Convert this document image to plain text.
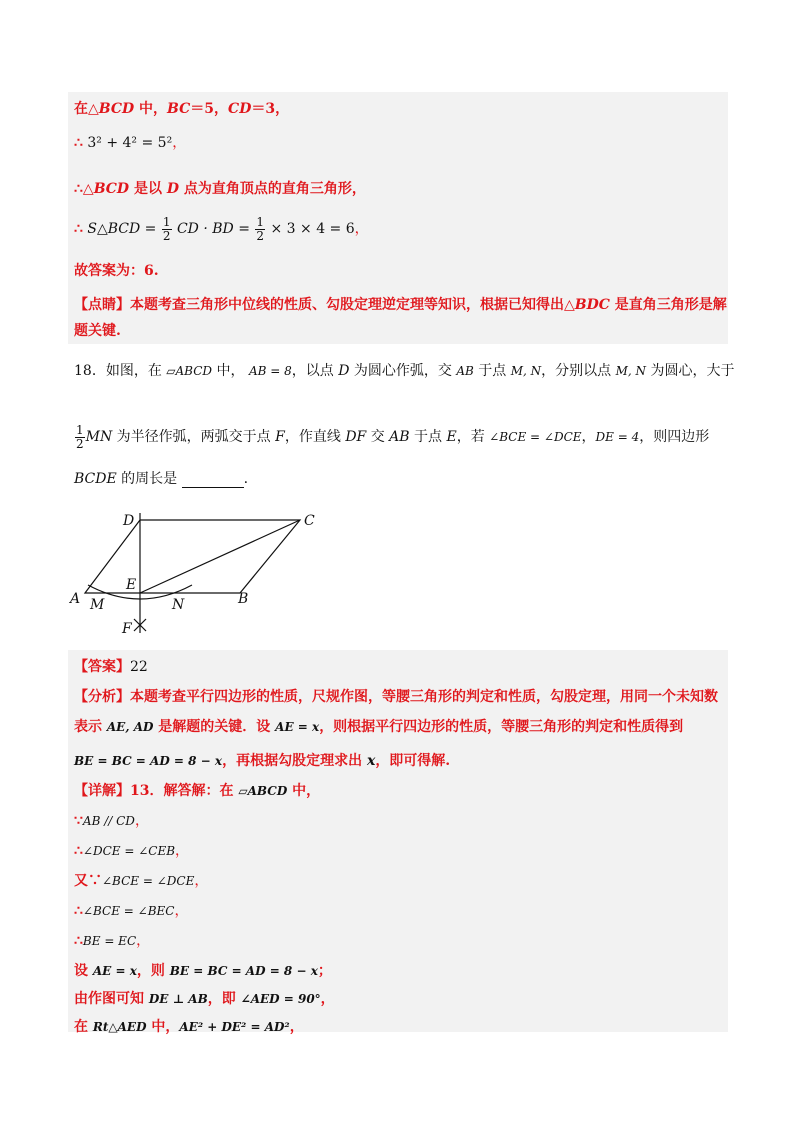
在△BCD 中，BC＝5，CD＝3，
∴ 3² + 4² = 5²，
∴△BCD 是以 D 点为直角顶点的直角三角形，
∴ S△BCD = $\frac{1}{2}$ CD · BD = $\frac{1}{2} \times 3 \times 4 = 6$，
故答案为：6.
【点睛】本题考查三角形中位线的性质、勾股定理逆定理等知识，根据已知得出△BDC 是直角三角形是解
题关键.
18．如图，在 ▱ABCD 中， AB = 8，以点 D 为圆心作弧，交 AB 于点 M, N，分别以点 M, N 为圆心，大于
$\frac{1}{2}$ MN 为半径作弧，两弧交于点 F，作直线 DF 交 AB 于点 E，若 ∠BCE = ∠DCE，DE = 4，则四边形
BCDE 的周长是	.
D	C
A M
E
N	B
F
【答案】22
【分析】本题考查平行四边形的性质，尺规作图，等腰三角形的判定和性质，勾股定理，用同一个未知数
表示 AE, AD 是解题的关键．设 AE = x，则根据平行四边形的性质，等腰三角形的判定和性质得到
BE = BC = AD = 8 − x，再根据勾股定理求出 x，即可得解.
【详解】13．解答解：在 ▱ABCD 中，
∵AB // CD，
∴∠DCE = ∠CEB，
又∵∠BCE = ∠DCE，
∴∠BCE = ∠BEC，
∴BE = EC，
设 AE = x，则 BE = BC = AD = 8 − x；
由作图可知 DE ⊥ AB，即 ∠AED = 90°，
在 Rt△AED 中，AE² + DE² = AD²，
